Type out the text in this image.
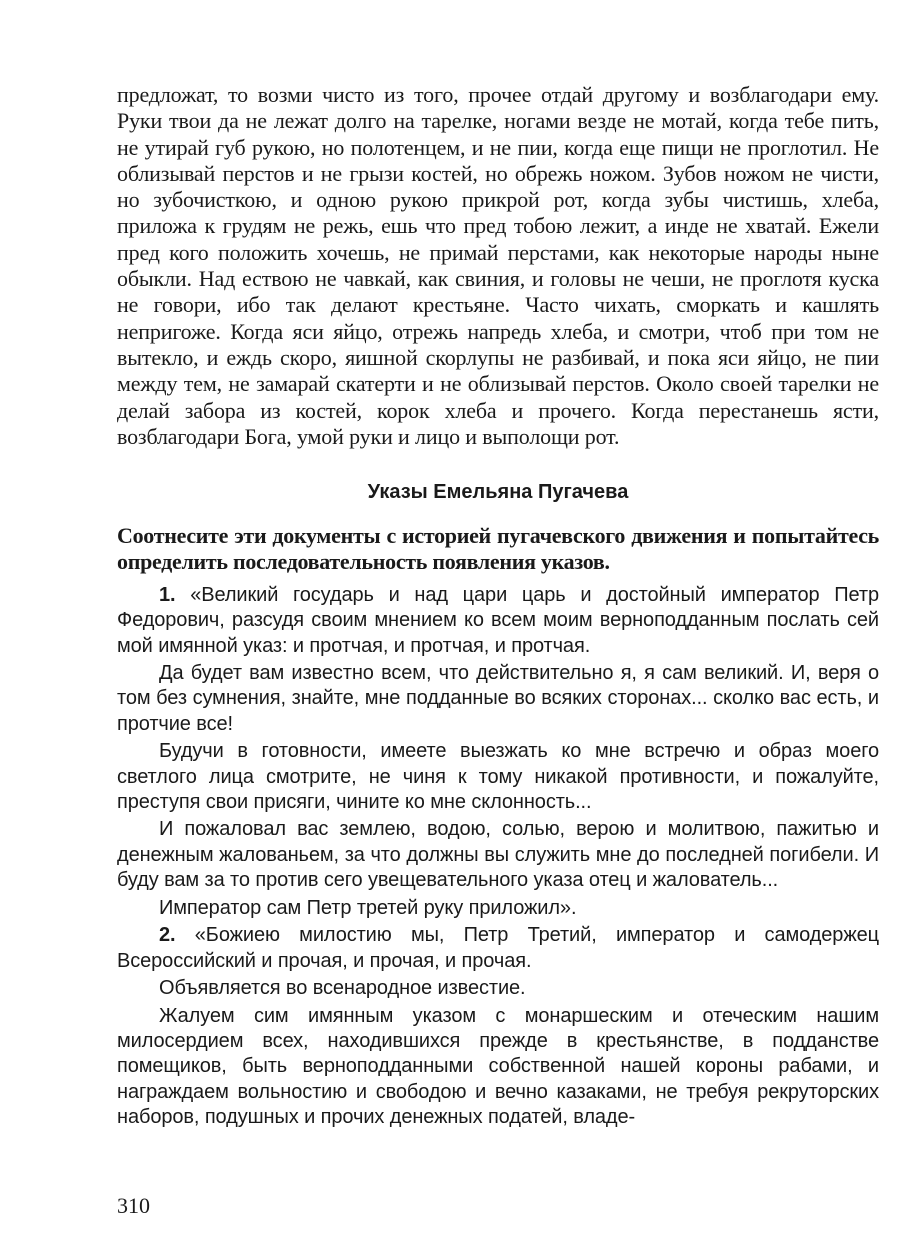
предложат, то возми чисто из того, прочее отдай другому и возблагодари ему. Руки твои да не лежат долго на тарелке, ногами везде не мотай, когда тебе пить, не утирай губ рукою, но полотенцем, и не пии, когда еще пищи не проглотил. Не облизывай перстов и не грызи костей, но обрежь ножом. Зубов ножом не чисти, но зубочисткою, и одною рукою прикрой рот, когда зубы чистишь, хлеба, приложа к грудям не режь, ешь что пред тобою лежит, а инде не хватай. Ежели пред кого положить хочешь, не примай перстами, как некоторые народы ныне обыкли. Над ествою не чавкай, как свиния, и головы не чеши, не проглотя куска не говори, ибо так делают крестьяне. Часто чихать, сморкать и кашлять непригоже. Когда яси яйцо, отрежь напредь хлеба, и смотри, чтоб при том не вытекло, и еждь скоро, яишной скорлупы не разбивай, и пока яси яйцо, не пии между тем, не замарай скатерти и не облизывай перстов. Около своей тарелки не делай забора из костей, корок хлеба и прочего. Когда перестанешь ясти, возблагодари Бога, умой руки и лицо и выполощи рот.

Указы Емельяна Пугачева

Соотнесите эти документы с историей пугачевского движения и попытайтесь определить последовательность появления указов.

1. «Великий государь и над цари царь и достойный император Петр Федорович, разсудя своим мнением ко всем моим верноподданным послать сей мой имянной указ: и протчая, и протчая, и протчая.

Да будет вам известно всем, что действительно я, я сам великий. И, веря о том без сумнения, знайте, мне подданные во всяких сторонах... сколко вас есть, и протчие все!

Будучи в готовности, имеете выезжать ко мне встречю и образ моего светлого лица смотрите, не чиня к тому никакой противности, и пожалуйте, преступя свои присяги, чините ко мне склонность...

И пожаловал вас землею, водою, солью, верою и молитвою, пажитью и денежным жалованьем, за что должны вы служить мне до последней погибели. И буду вам за то против сего увещевательного указа отец и жалователь...

Император сам Петр третей руку приложил».

2. «Божиею милостию мы, Петр Третий, император и самодержец Всероссийский и прочая, и прочая, и прочая.

Объявляется во всенародное известие.

Жалуем сим имянным указом с монаршеским и отеческим нашим милосердием всех, находившихся прежде в крестьянстве, в подданстве помещиков, быть верноподданными собственной нашей короны рабами, и награждаем вольностию и свободою и вечно казаками, не требуя рекруторских наборов, подушных и прочих денежных податей, владе-

310
